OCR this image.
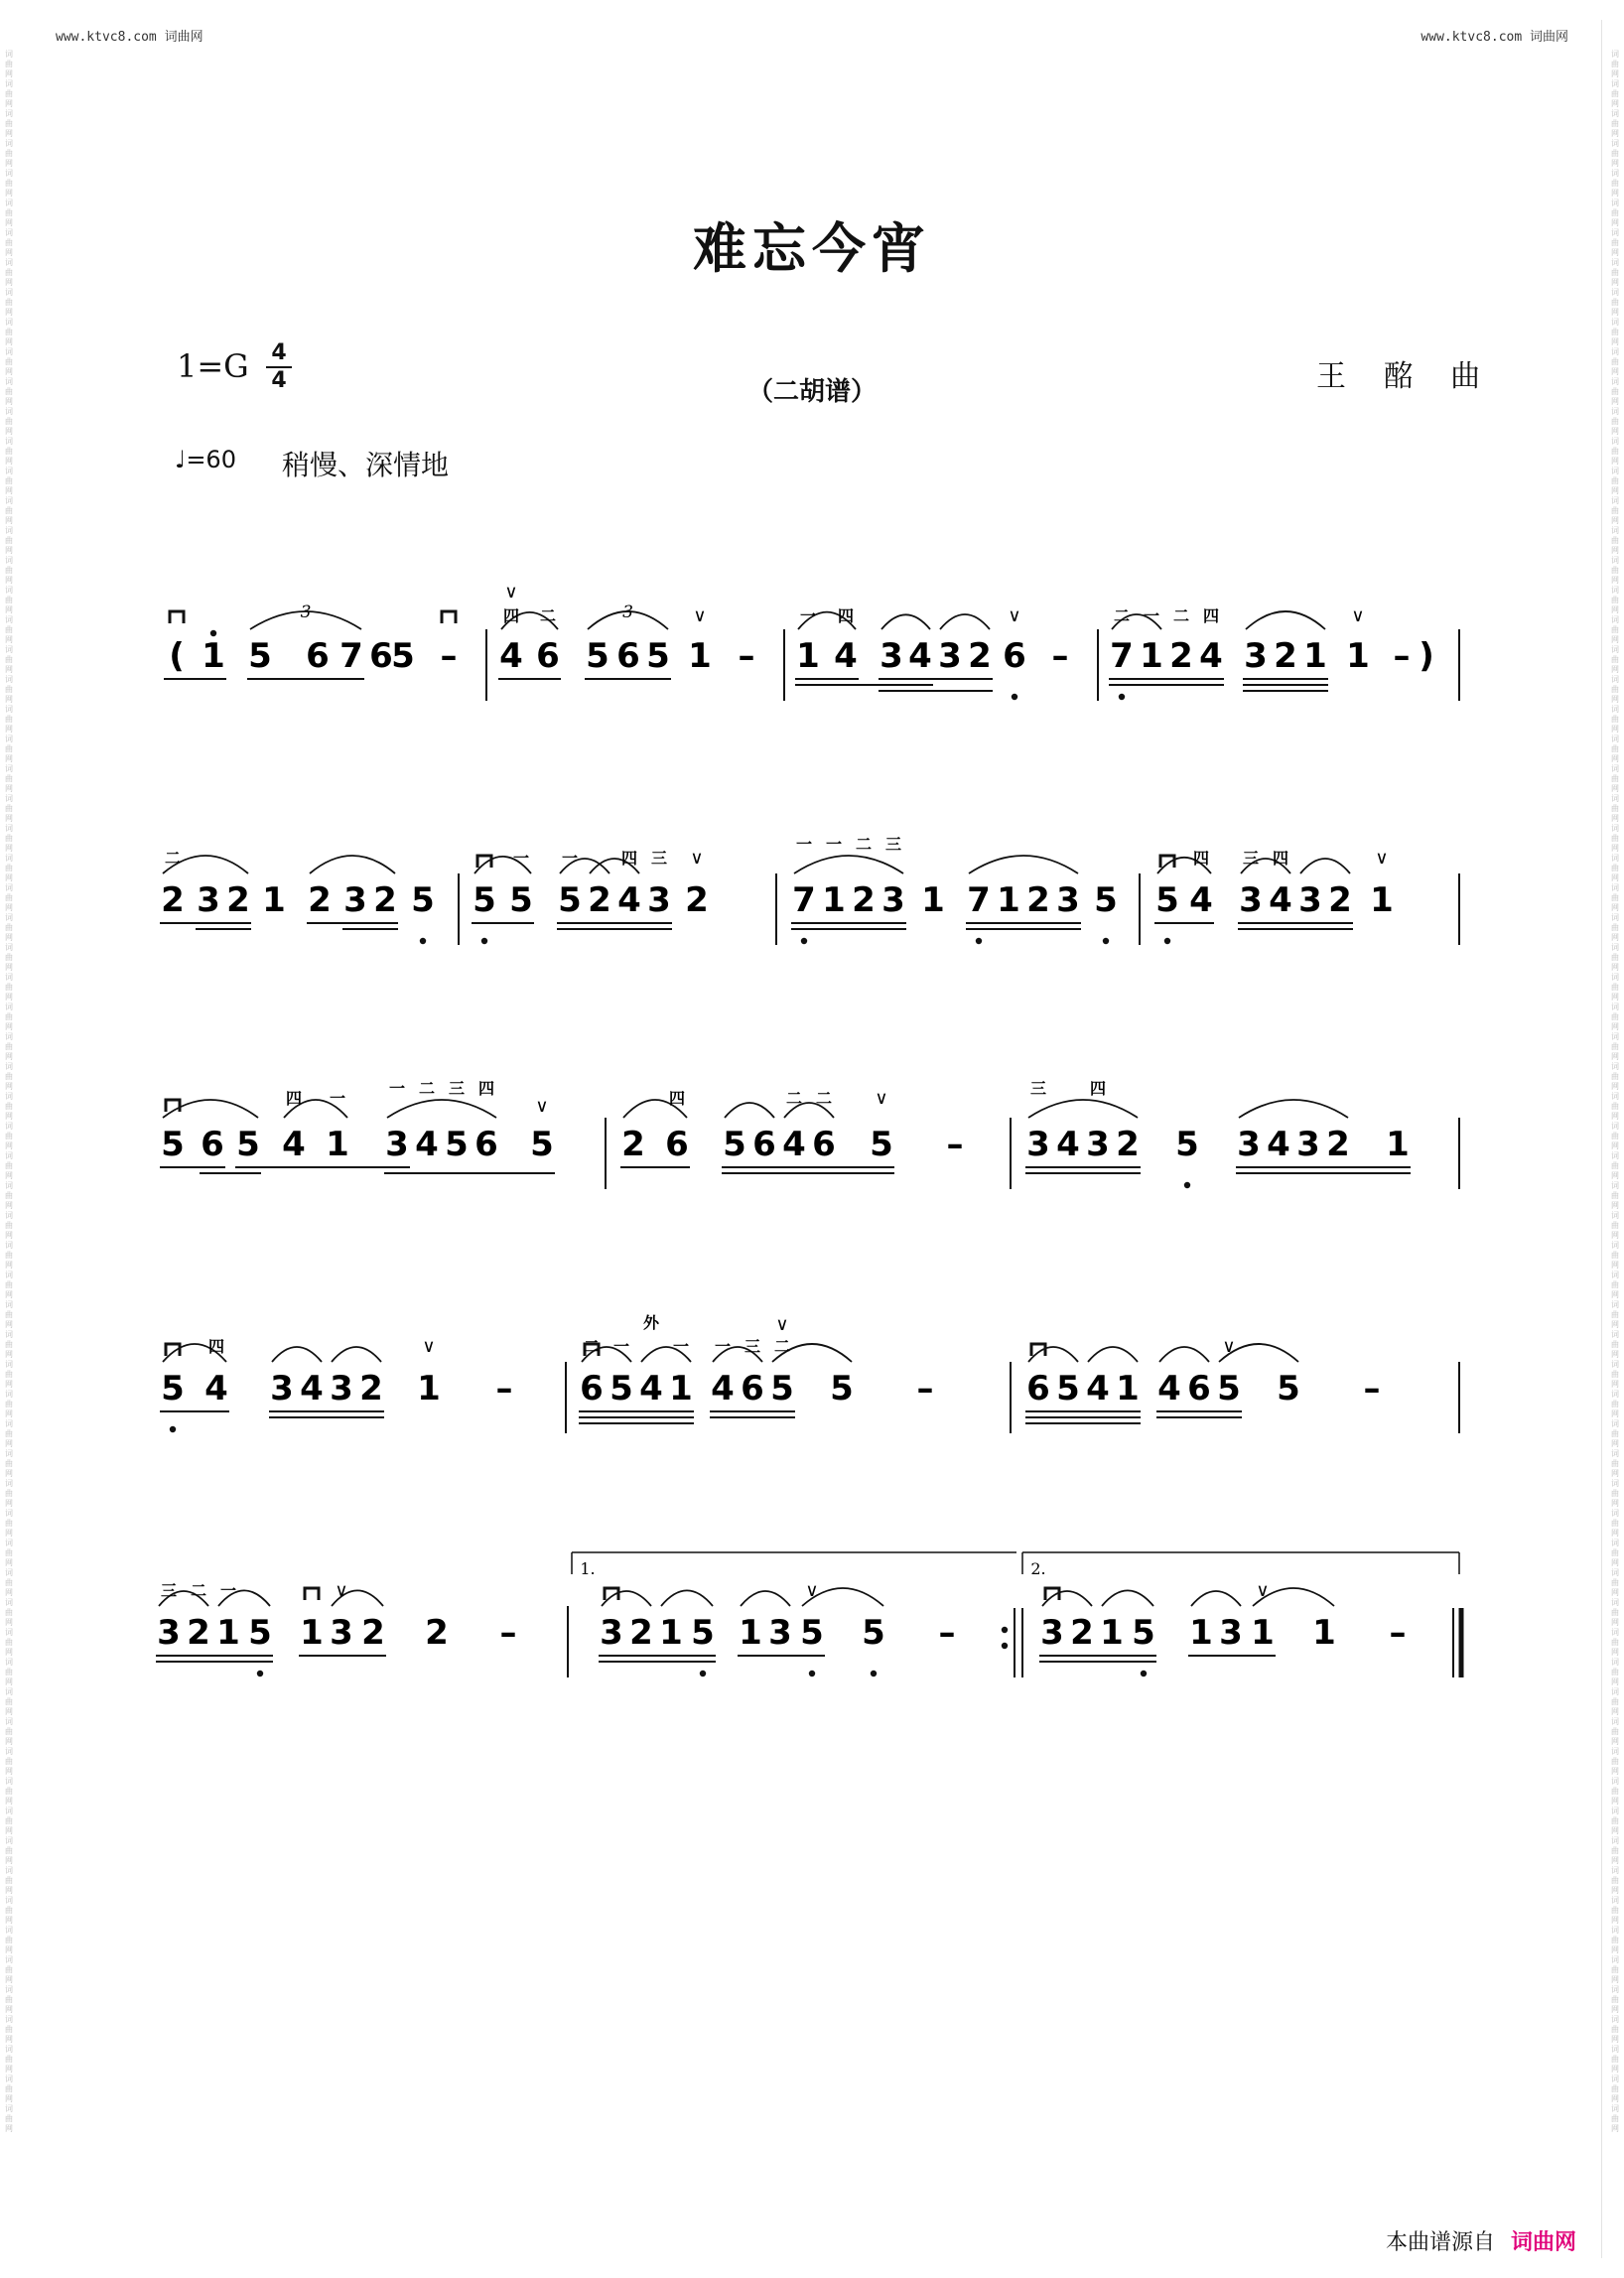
www.ktvc8.com 词曲网	www.ktvc8.com 词曲网
词曲网词曲网词曲网词曲网词曲网词曲网词曲网词曲网词曲网词曲网词曲网词曲网词曲网词曲网词曲网词曲网词曲网词曲网词曲网词曲网词曲网词曲网词曲网词曲网词曲网词曲网词曲网词曲网词曲网词曲网词曲网词曲网词曲网词曲网词曲网词曲网词曲网词曲网词曲网词曲网词曲网词曲网词曲网词曲网词曲网词曲网词曲网词曲网词曲网词曲网词曲网词曲网词曲网词曲网词曲网词曲网词曲网词曲网词曲网词曲网词曲网词曲网词曲网词曲网词曲网词曲网词曲网词曲网词曲网词曲网
词曲网词曲网词曲网词曲网词曲网词曲网词曲网词曲网词曲网词曲网词曲网词曲网词曲网词曲网词曲网词曲网词曲网词曲网词曲网词曲网词曲网词曲网词曲网词曲网词曲网词曲网词曲网词曲网词曲网词曲网词曲网词曲网词曲网词曲网词曲网词曲网词曲网词曲网词曲网词曲网词曲网词曲网词曲网词曲网词曲网词曲网词曲网词曲网词曲网词曲网词曲网词曲网词曲网词曲网词曲网词曲网词曲网词曲网词曲网词曲网词曲网词曲网词曲网词曲网词曲网词曲网词曲网词曲网词曲网词曲网
难忘今宵
1=G 4
4	（二胡谱）	王 酩 曲
♩=60 稍慢、深情地
( 1 5 6 7 6
5 – 4 6 5 6 5 1 – 1 4 3 4 3 2 6 – 7 1 2 4 3 2 1 1 – )
3	3
四 二
∨
∨	一 四	∨	二 一 二 四	∨
2 3 2 1 2 3 2 5 5 5 5 2 4 3 2 7 1 2 3 1 7 1 2 3 5 5 4 3 4 3 2 1
二	一 一	四 三 ∨
一 一 二 三
四 三 四	∨
5 6 5 4 1 3 4 5 6 5 2 6 5 6 4 6 5 – 3 4 3 2 5 3 4 3 2 1
四 一
一 二 三 四
∨	四	二 二 ∨	三	四
5 4 3 4 3 2 1 – 6 5 4 1 4 6 5 5 –	6 5 4 1 4 6 5 5 –
四	∨	二 一
外
一 一 三 二
∨
∨
3 2 1 5 1 3 2 2 – 3 2 1 5 1 3 5 5 –	3 2 1 5 1 3 1 1 –
三 二 一	∨	∨	∨
1.	2.
本曲谱源自 词曲网
